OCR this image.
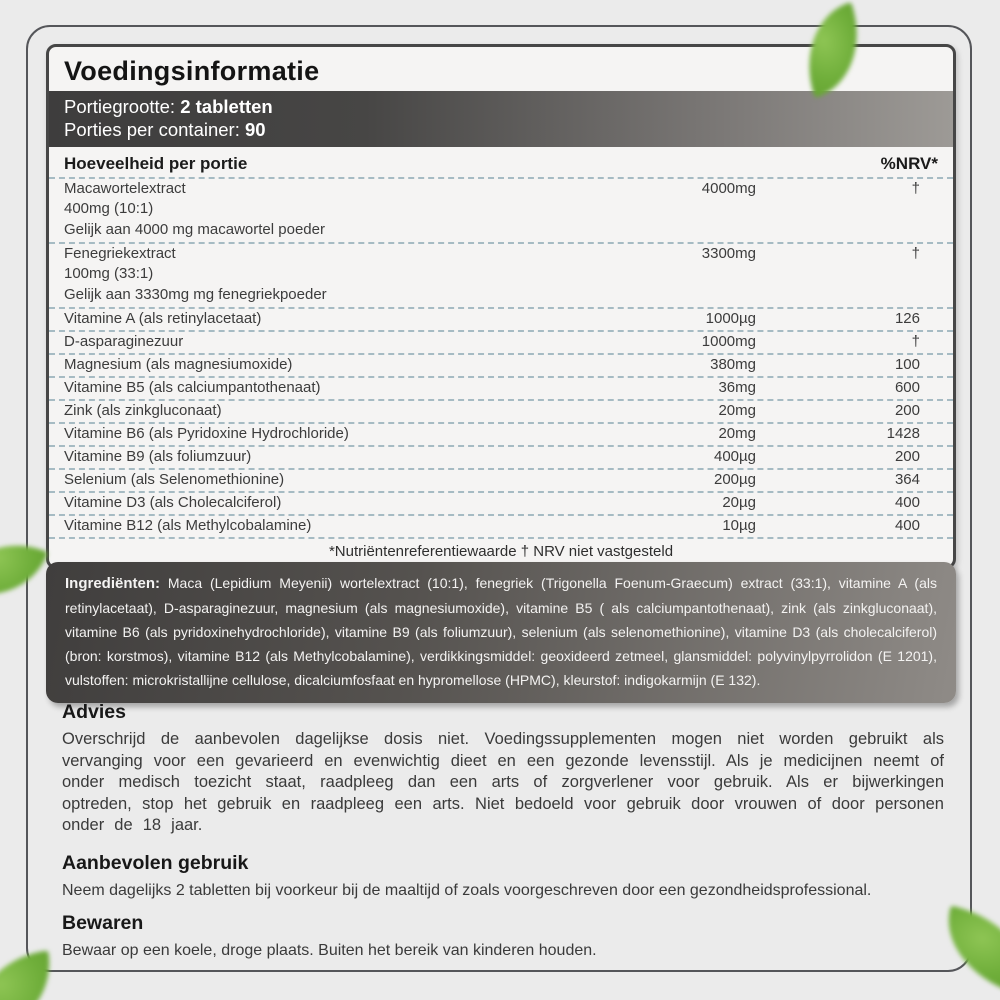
Voedingsinformatie
Portiegrootte: 2 tabletten
Porties per container: 90
Hoeveelheid per portie	%NRV*
Macawortelextract
400mg (10:1)
Gelijk aan 4000 mg macawortel poeder
4000mg	†
Fenegriekextract
100mg (33:1)
Gelijk aan 3330mg mg fenegriekpoeder
3300mg	†
Vitamine A (als retinylacetaat)	1000µg	126
D-asparaginezuur	1000mg	†
Magnesium (als magnesiumoxide)	380mg	100
Vitamine B5 (als calciumpantothenaat)	36mg	600
Zink (als zinkgluconaat)	20mg	200
Vitamine B6 (als Pyridoxine Hydrochloride)	20mg	1428
Vitamine B9 (als foliumzuur)	400µg	200
Selenium (als Selenomethionine)	200µg	364
Vitamine D3 (als Cholecalciferol)	20µg	400
Vitamine B12 (als Methylcobalamine)	10µg	400
*Nutriëntenreferentiewaarde † NRV niet vastgesteld
Ingrediënten: Maca (Lepidium Meyenii) wortelextract (10:1), fenegriek (Trigonella Foenum-Graecum) extract (33:1), vitamine A (als retinylacetaat), D-asparaginezuur, magnesium (als magnesiumoxide), vitamine B5 ( als calciumpantothenaat), zink (als zinkgluconaat), vitamine B6 (als pyridoxinehydrochloride), vitamine B9 (als foliumzuur), selenium (als selenomethionine), vitamine D3 (als cholecalciferol) (bron: korstmos), vitamine B12 (als Methylcobalamine), verdikkingsmiddel: geoxideerd zetmeel, glansmiddel: polyvinylpyrrolidon (E 1201), vulstoffen: microkristallijne cellulose, dicalciumfosfaat en hypromellose (HPMC), kleurstof: indigokarmijn (E 132).
Advies

Overschrijd de aanbevolen dagelijkse dosis niet. Voedingssupplementen mogen niet worden gebruikt als vervanging voor een gevarieerd en evenwichtig dieet en een gezonde levensstijl. Als je medicijnen neemt of onder medisch toezicht staat, raadpleeg dan een arts of zorgverlener voor gebruik. Als er bijwerkingen optreden, stop het gebruik en raadpleeg een arts. Niet bedoeld voor gebruik door vrouwen of door personen onder de 18 jaar.

Aanbevolen gebruik

Neem dagelijks 2 tabletten bij voorkeur bij de maaltijd of zoals voorgeschreven door een gezondheidsprofessional.

Bewaren

Bewaar op een koele, droge plaats. Buiten het bereik van kinderen houden.
